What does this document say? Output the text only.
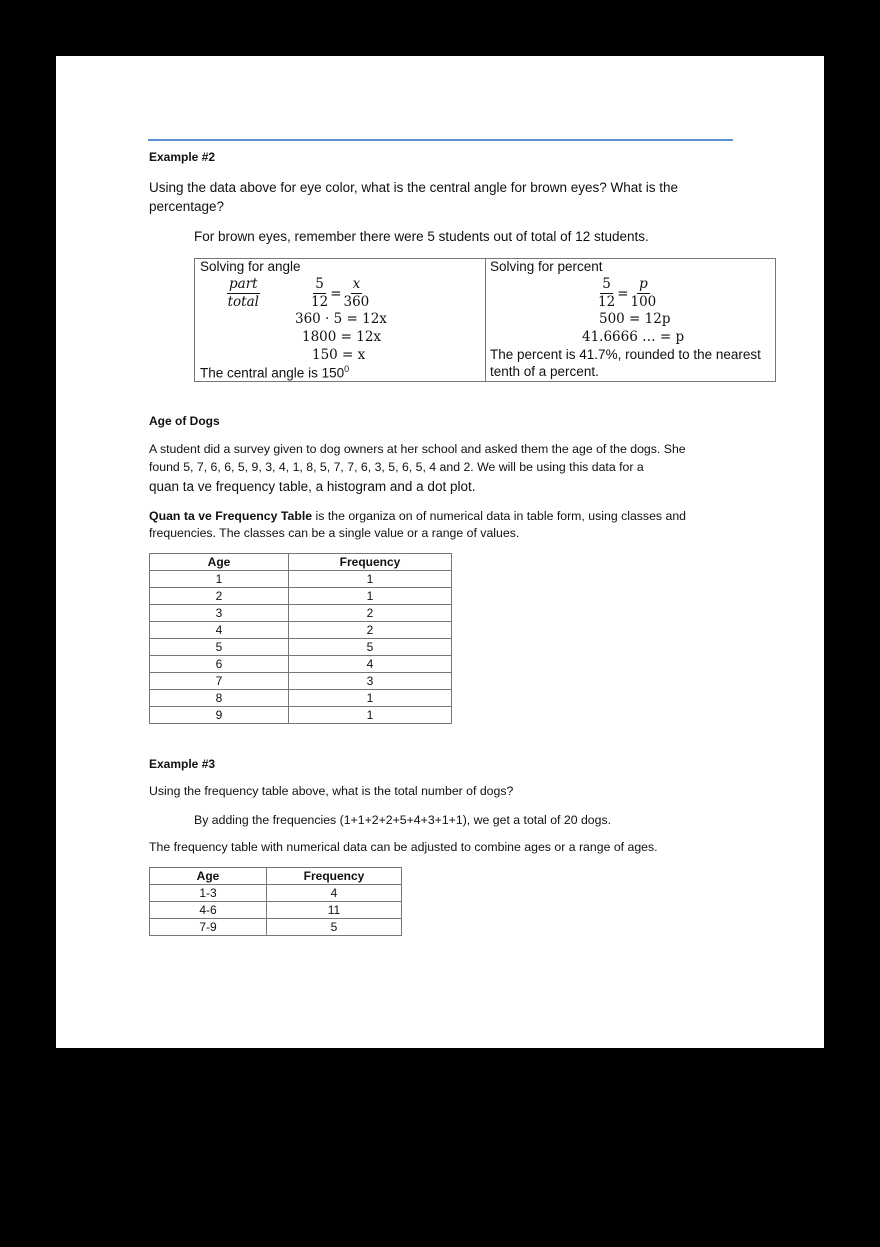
Example #2
Using the data above for eye color, what is the central angle for brown eyes? What is the
percentage?
For brown eyes, remember there were 5 students out of total of 12 students.
Solving for angle
part
total	$\frac{5}{12} = \frac{x}{360}$
360 · 5 = 12x
1800 = 12x
150 = x
The central angle is $150^0$
Solving for percent
$\frac{5}{12} = \frac{p}{100}$
500 = 12p
41.6666 … = p
The percent is 41.7%, rounded to the nearest
tenth of a percent.
Age of Dogs
A student did a survey given to dog owners at her school and asked them the age of the dogs. She
found 5, 7, 6, 6, 5, 9, 3, 4, 1, 8, 5, 7, 7, 6, 3, 5, 6, 5, 4 and 2. We will be using this data for a
quan ta ve frequency table, a histogram and a dot plot.
Quan ta ve Frequency Table is the organiza on of numerical data in table form, using classes and
frequencies. The classes can be a single value or a range of values.
Age	Frequency
1	1
2	1
3	2
4	2
5	5
6	4
7	3
8	1
9	1
Example #3
Using the frequency table above, what is the total number of dogs?
By adding the frequencies (1+1+2+2+5+4+3+1+1), we get a total of 20 dogs.
The frequency table with numerical data can be adjusted to combine ages or a range of ages.
Age	Frequency
1-3	4
4-6	11
7-9	5
